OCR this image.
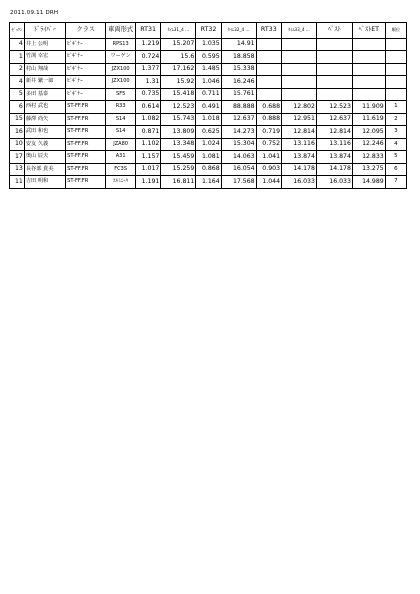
2011.09.11 DRH
ｾﾞｯｹﾝ	ﾄﾞﾗｲﾊﾞｰ	クラス	車両形式	RT31	ﾀｲﾑ31_4 ...	RT32	ﾀｲﾑ32_4 ...	RT33	ﾀｲﾑ33_4 ...	ﾍﾞｽﾄ	ﾍﾞｽﾄET	順位
4	井上 公明	ﾋﾞｷﾞﾅｰ	RPS13	1.219	15.207	1.035	14.91					
1	竹渕 幸宏	ﾋﾞｷﾞﾅｰ	ワーゲン	0.724	15.6	0.595	18.858					
2	村山 翔哉	ﾋﾞｷﾞﾅｰ	JZX100	1.377	17.162	1.485	15.338					
4	新井 繁一郎	ﾋﾞｷﾞﾅｰ	JZX100	1.31	15.92	1.046	16.246					
5	多田 基泰	ﾋﾞｷﾞﾅｰ	SF5	0.735	15.418	0.711	15.761					
6	西村 武也	ST-FF.FR	R33	0.614	12.523	0.491	88.888	0.688	12.802	12.523	11.909	1
15	藤澤 尚矢	ST-FF.FR	S14	1.082	15.743	1.018	12.637	0.888	12.951	12.637	11.619	2
16	武田 和也	ST-FF.FR	S14	0.871	13.809	0.625	14.273	0.719	12.814	12.814	12.095	3
10	安友 久義	ST-FF.FR	JZA80	1.102	13.348	1.024	15.304	0.752	13.116	13.116	12.246	4
17	奥山 辰夫	ST-FF.FR	A31	1.157	15.459	1.081	14.063	1.041	13.874	13.874	12.833	5
13	長谷部 貴美	ST-FF.FR	FC3S	1.017	15.259	0.868	16.054	0.903	14.178	14.178	13.275	6
11	吉田 明和	ST-FF.FR	ｴﾙﾐﾆｰﾊ	1.191	16.811	1.164	17.568	1.044	16.033	16.033	14.989	7
